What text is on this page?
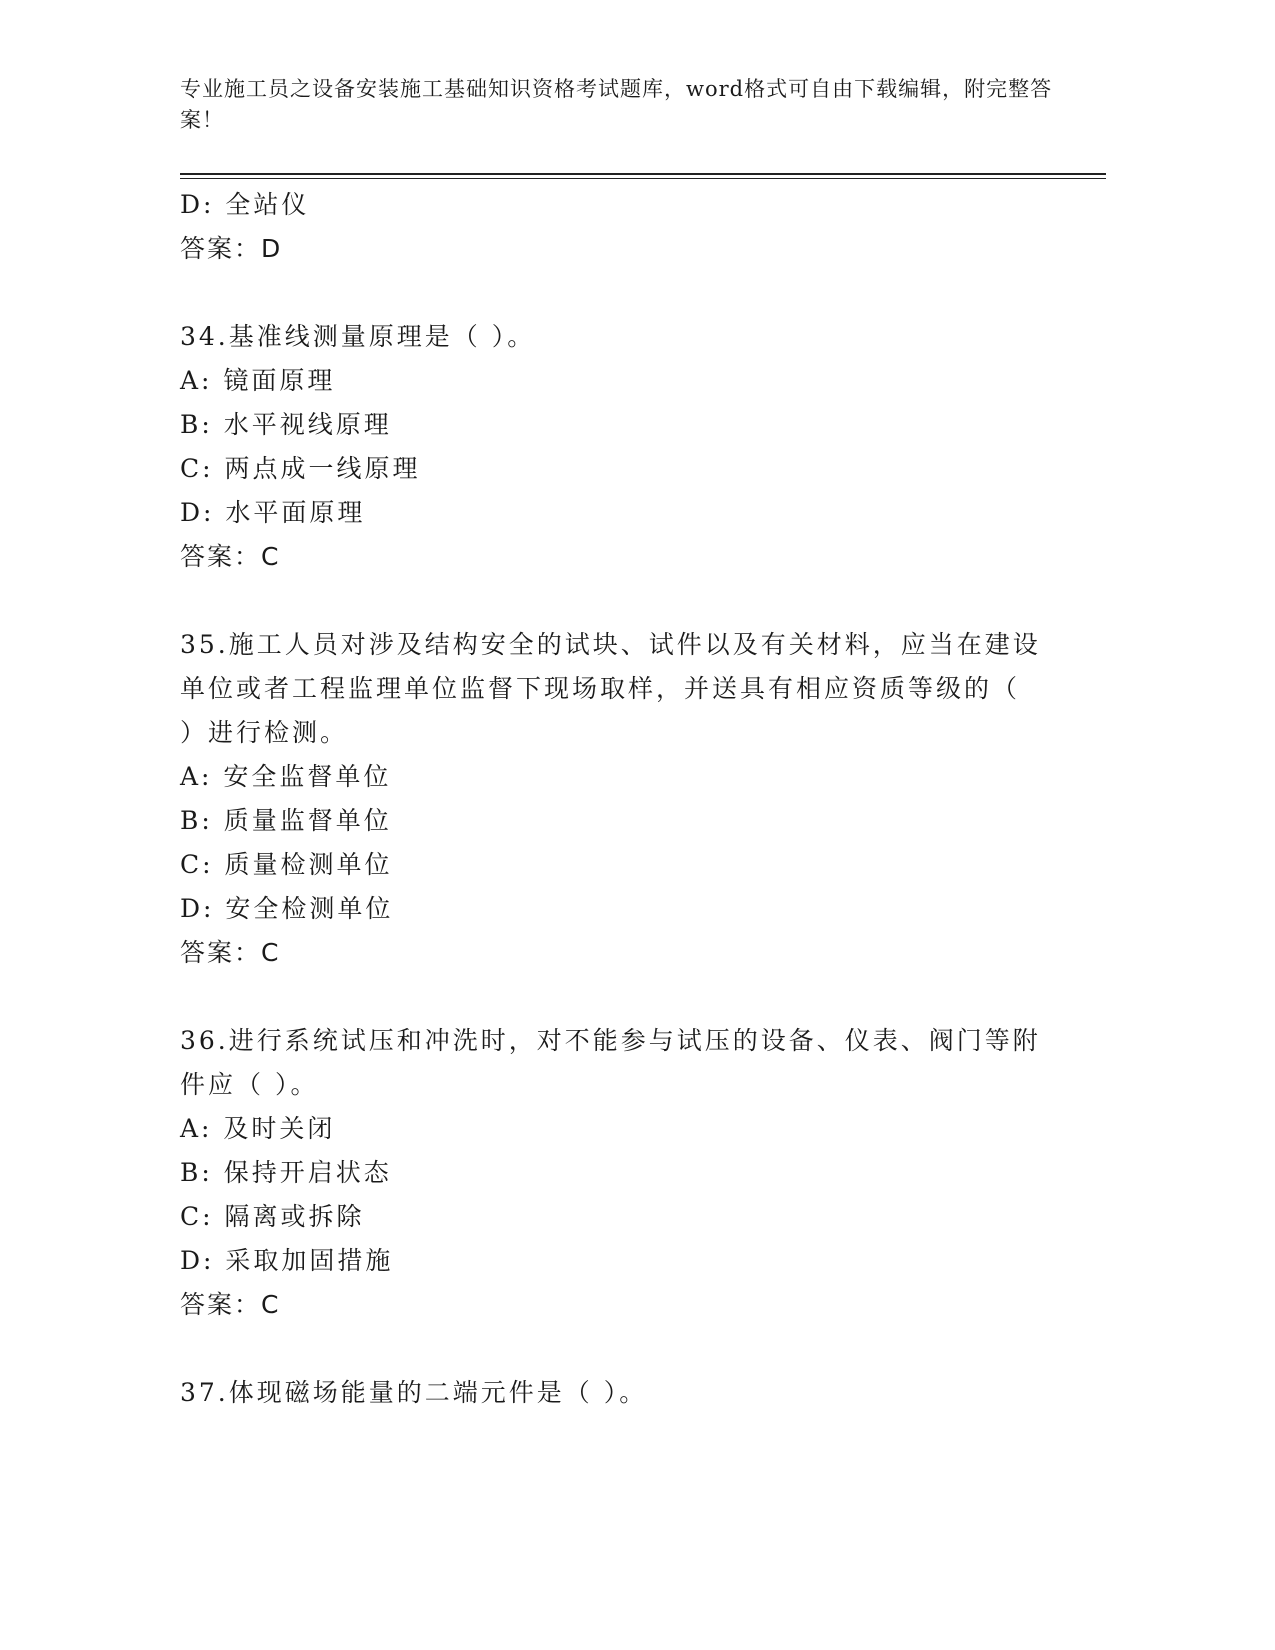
专业施工员之设备安装施工基础知识资格考试题库，word格式可自由下载编辑，附完整答案！
D: 全站仪
答案：D
34.基准线测量原理是（ ）。
A: 镜面原理
B: 水平视线原理
C: 两点成一线原理
D: 水平面原理
答案：C
35.施工人员对涉及结构安全的试块、试件以及有关材料，应当在建设
单位或者工程监理单位监督下现场取样，并送具有相应资质等级的（
）进行检测。
A: 安全监督单位
B: 质量监督单位
C: 质量检测单位
D: 安全检测单位
答案：C
36.进行系统试压和冲洗时，对不能参与试压的设备、仪表、阀门等附
件应（ ）。
A: 及时关闭
B: 保持开启状态
C: 隔离或拆除
D: 采取加固措施
答案：C
37.体现磁场能量的二端元件是（ ）。
